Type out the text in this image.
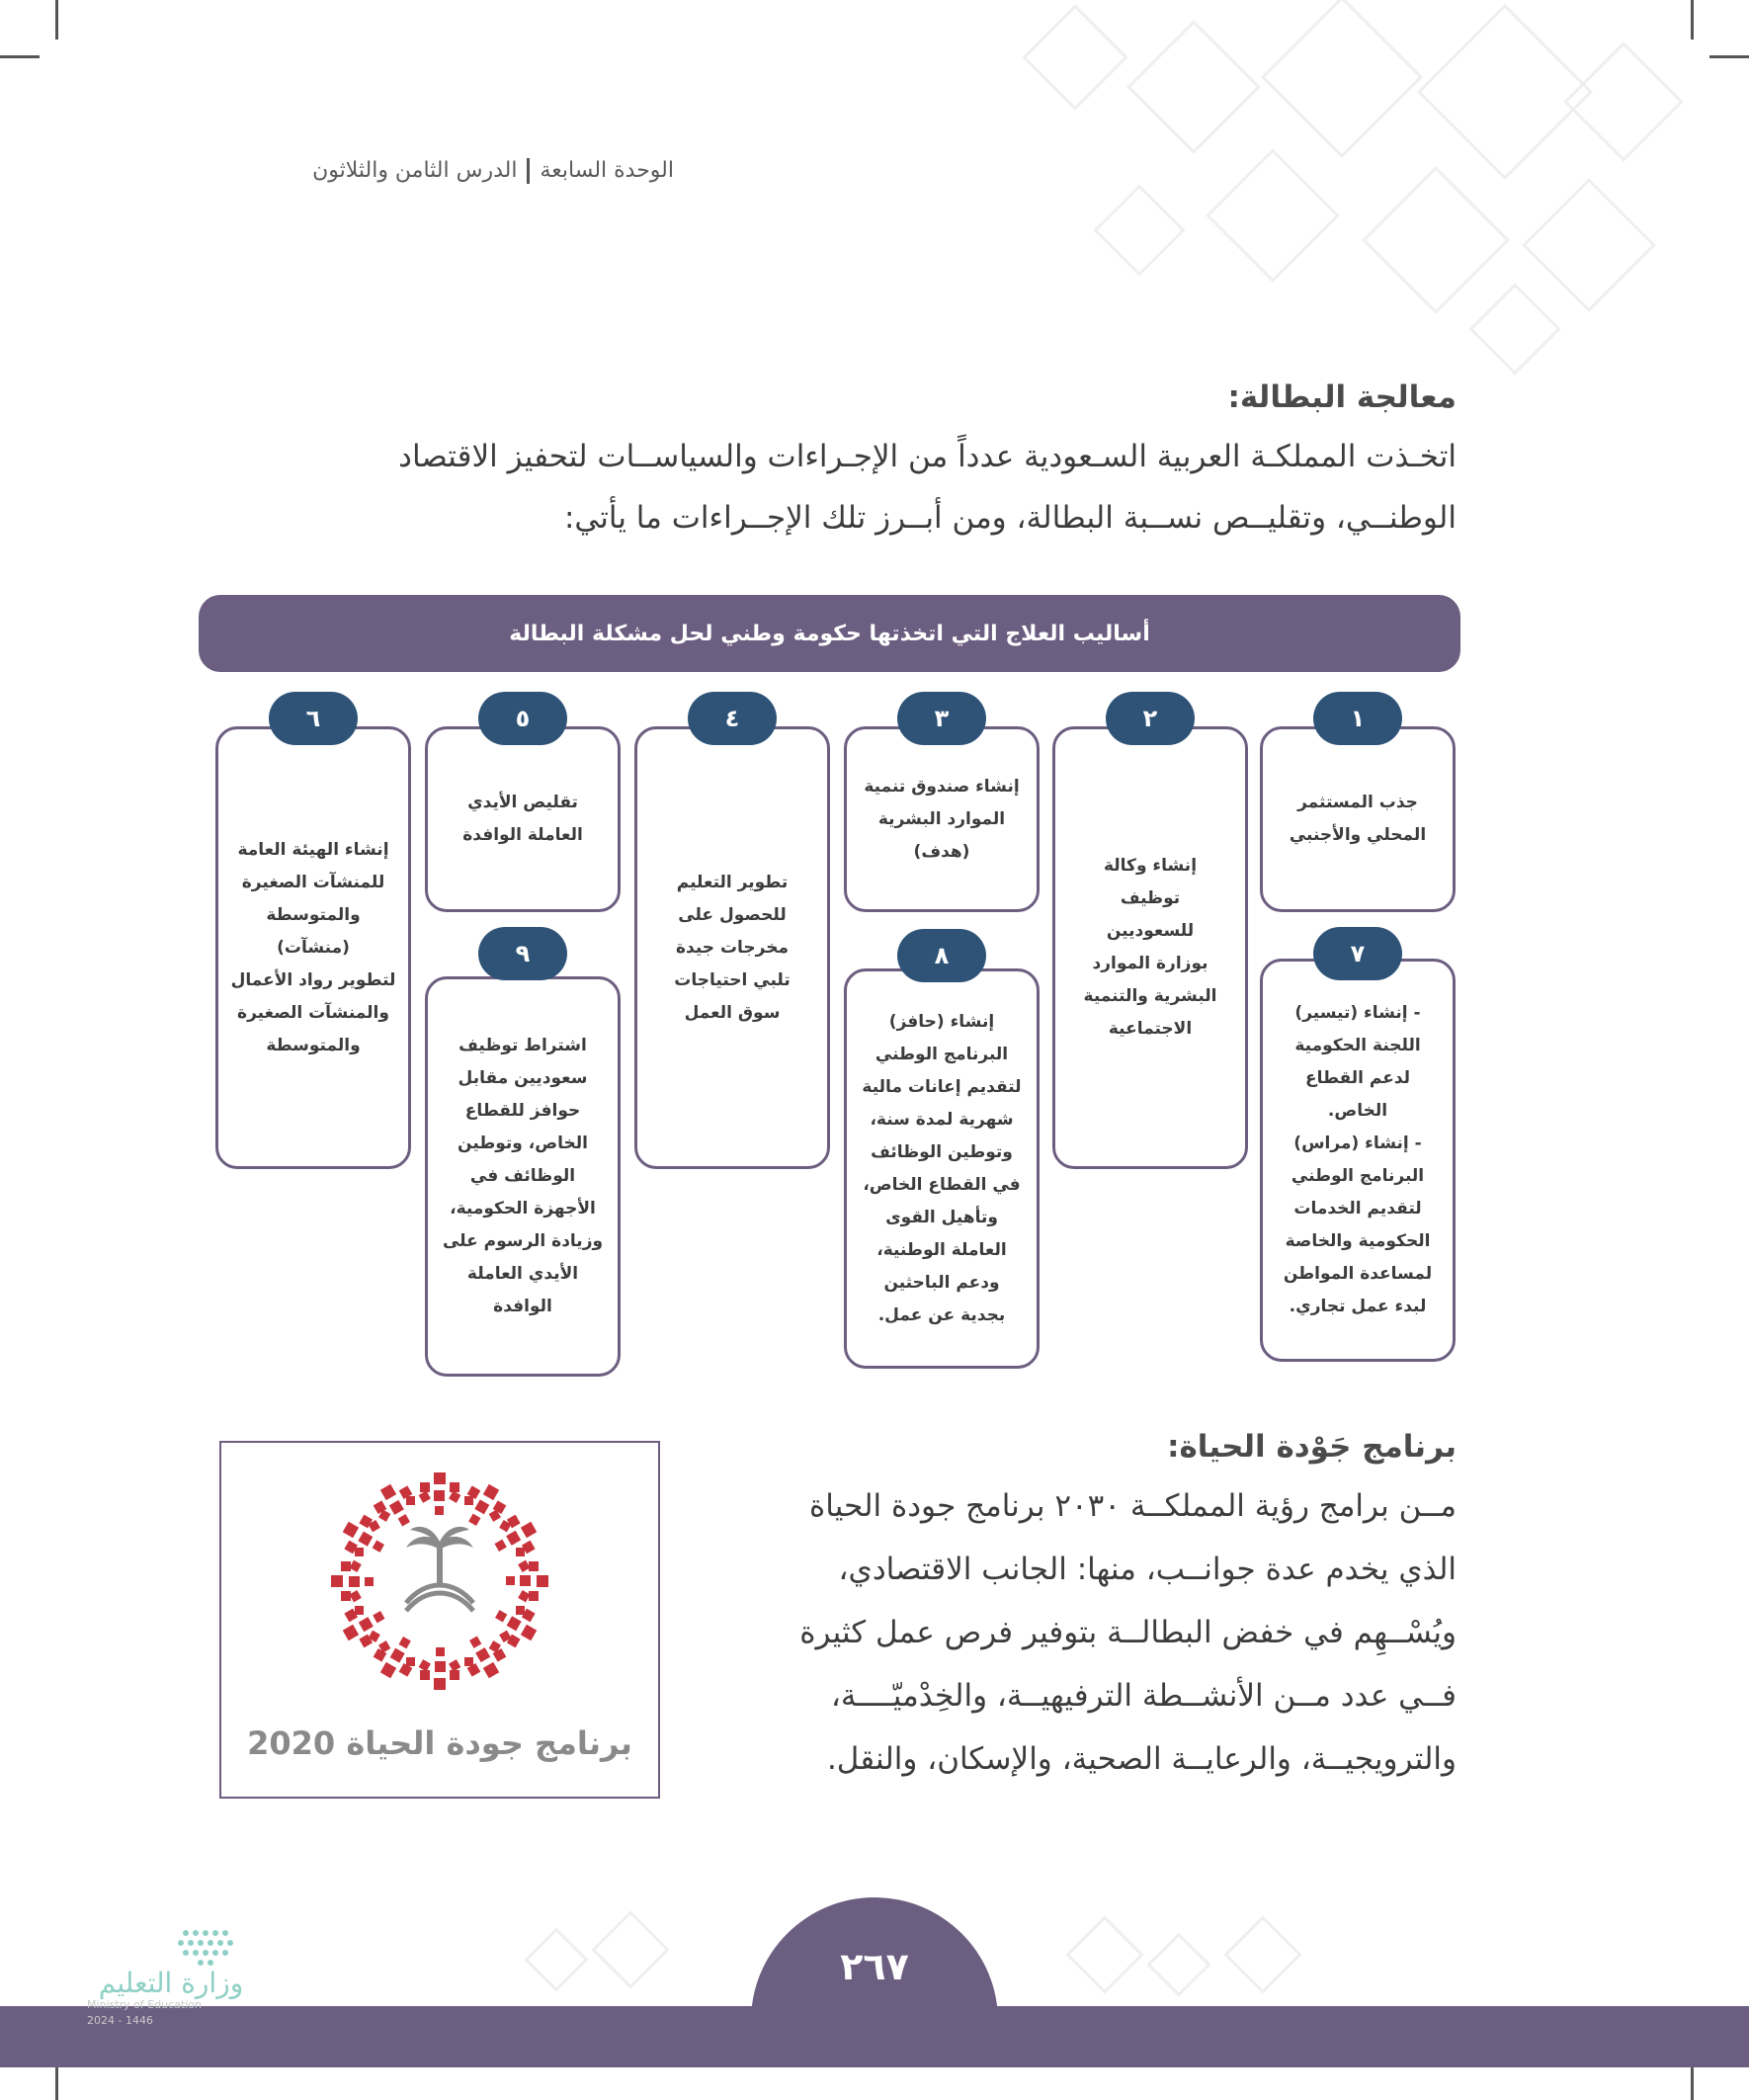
الوحدة السابعةالدرس الثامن والثلاثون
معالجة البطالة:
اتخـذت المملكـة العربية السـعودية عدداً من الإجـراءات والسياســات لتحفيز الاقتصاد
الوطنــي، وتقليــص نســبة البطالة، ومن أبــرز تلك الإجــراءات ما يأتي:
أساليب العلاج التي اتخذتها حكومة وطني لحل مشكلة البطالة
جذب المستثمر
المحلي والأجنبي
١
إنشاء وكالة
توظيف
للسعوديين
بوزارة الموارد
البشرية والتنمية
الاجتماعية
٢
إنشاء صندوق تنمية
الموارد البشرية
(هدف)
٣
تطوير التعليم
للحصول على
مخرجات جيدة
تلبي احتياجات
سوق العمل
٤
تقليص الأيدي
العاملة الوافدة
٥
إنشاء الهيئة العامة
للمنشآت الصغيرة
والمتوسطة
(منشآت)
لتطوير رواد الأعمال
والمنشآت الصغيرة
والمتوسطة
٦
- إنشاء (تيسير)
اللجنة الحكومية
لدعم القطاع
الخاص.
- إنشاء (مراس)
البرنامج الوطني
لتقديم الخدمات
الحكومية والخاصة
لمساعدة المواطن
لبدء عمل تجاري.
٧
إنشاء (حافز)
البرنامج الوطني
لتقديم إعانات مالية
شهرية لمدة سنة،
وتوطين الوظائف
في القطاع الخاص،
وتأهيل القوى
العاملة الوطنية،
ودعم الباحثين
بجدية عن عمل.
٨
اشتراط توظيف
سعوديين مقابل
حوافز للقطاع
الخاص، وتوطين
الوظائف في
الأجهزة الحكومية،
وزيادة الرسوم على
الأيدي العاملة
الوافدة
٩
برنامج جَوْدة الحياة:
مــن برامج رؤية المملكــة ٢٠٣٠ برنامج جودة الحياة
الذي يخدم عدة جوانــب، منها: الجانب الاقتصادي،
ويُسْــهِم في خفض البطالــة بتوفير فرص عمل كثيرة
فــي عدد مــن الأنشــطة الترفيهيــة، والخِدْميّــــة،
والترويجيــة، والرعايــة الصحية، والإسكان، والنقل.
برنامج جودة الحياة 2020
٢٦٧
وزارة التعليم
Ministry of Education
2024 - 1446
